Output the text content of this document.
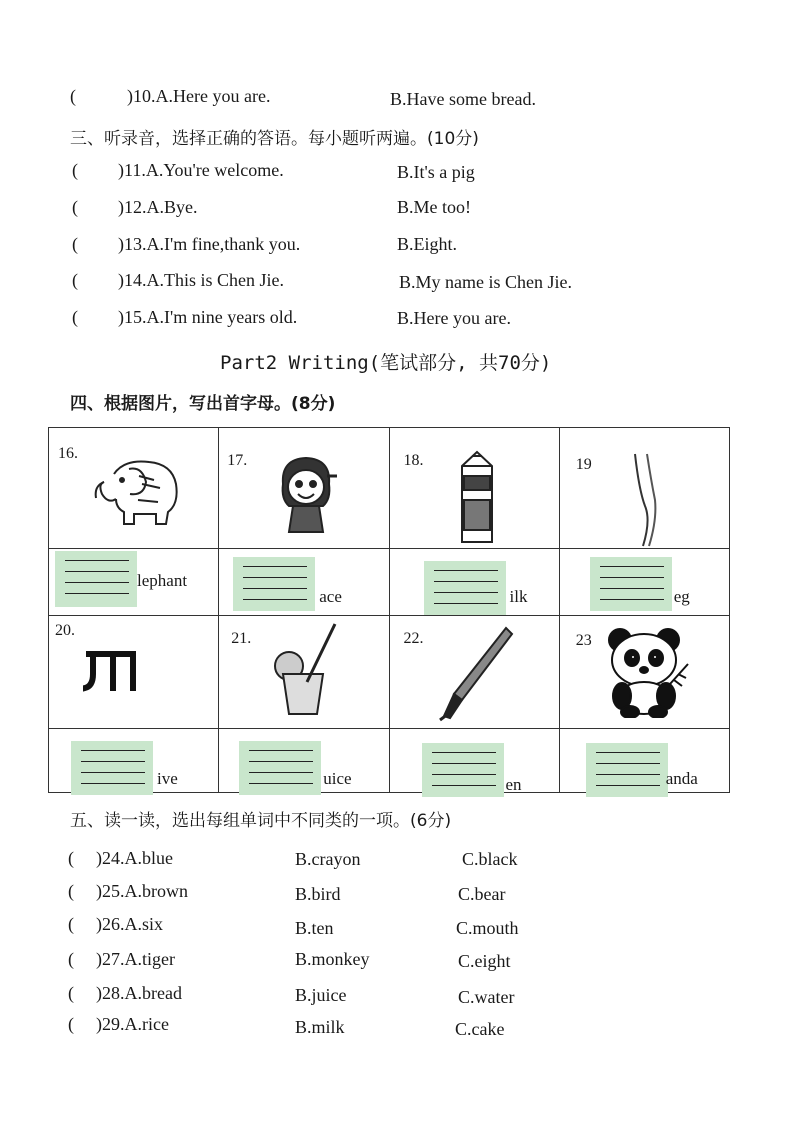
(	)10.A.Here you are.	B.Have some bread.
三、听录音，选择正确的答语。每小题听两遍。(10分)
( )11.A.You're welcome.	B.It's a pig
( )12.A.Bye.	B.Me too!
( )13.A.I'm fine,thank you.	B.Eight.
( )14.A.This is Chen Jie.	B.My name is Chen Jie.
( )15.A.I'm nine years old.	B.Here you are.
Part2 Writing(笔试部分, 共70分)
四、根据图片，写出首字母。(8分)
16.	17.	18.	19

lephant	ace	ilk	eg

20.	21.	22.	23

ive	uice	en	anda
五、读一读，选出每组单词中不同类的一项。(6分)
( )24.A.blue	B.crayon	C.black
( )25.A.brown	B.bird	C.bear
( )26.A.six	B.ten	C.mouth
( )27.A.tiger	B.monkey	C.eight
( )28.A.bread	B.juice	C.water
( )29.A.rice	B.milk	C.cake
